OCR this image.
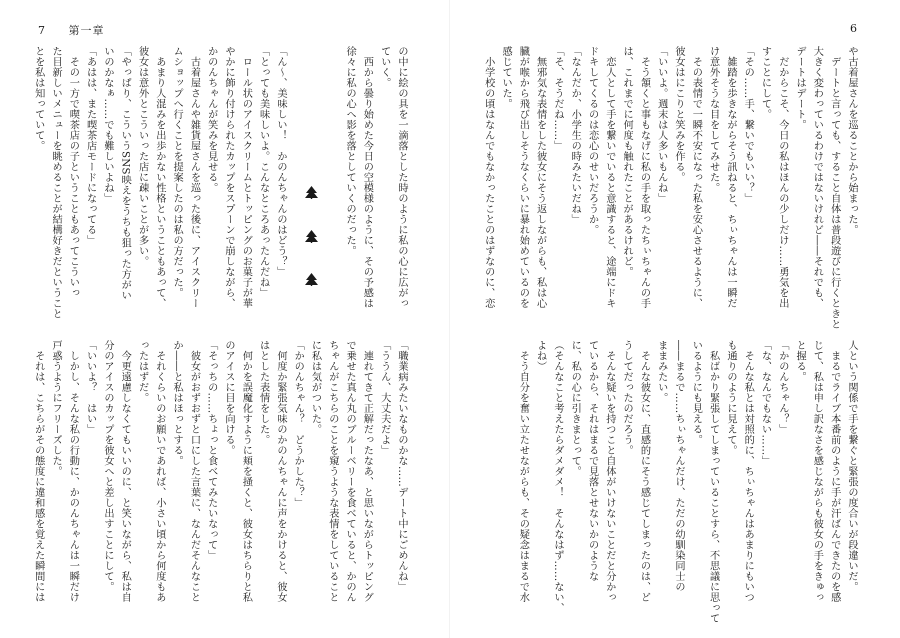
7 第一章	6
や古着屋さんを巡ることから始まった。
　デートと言っても、すること自体は普段遊びに行くときと
大きく変わっているわけではないけれど――それでも、
デートはデート。
　だからこそ、今日の私はほんの少しだけ……勇気を出
すことにして。
「その……手、繋いでもいい？」
　雑踏を歩きながらそう訊ねると、ちぃちゃんは一瞬だ
け意外そうな目をしてみせた。
　その表情で一瞬不安になった私を安心させるように、
彼女はにこりと笑みを作る。
「いいよ。週末は人多いもんね」
　そう頷くと事もなげに私の手を取ったちぃちゃんの手
は、これまでに何度も触れたことがあるけれど。
　恋人として手を繋いでいると意識すると、途端にドキ
ドキしてくるのは恋心のせいだろうか。
「なんだか、小学生の時みたいだね」
「そ、そうだね……」
　無邪気な表情をした彼女にそう返しながらも、私は心
臓が喉から飛び出しそうなくらいに暴れ始めているのを
感じていた。
　小学校の頃はなんでもなかったことのはずなのに、恋
人という関係で手を繋ぐと緊張の度合いが段違いだ。
　まるでライブ本番前のように手が汗ばんできたのを感
じて、私は申し訳なさを感じながらも彼女の手をきゅっ
と握る。
「かのんちゃん？」
「な、なんでもない……」
　そんな私とは対照的に、ちぃちゃんはあまりにもいつ
も通りのように見えて。
　私ばかり緊張してしまっていることすら、不思議に思って
いるようにも見える。
――まるで……ちぃちゃんだけ、ただの幼馴染同士の
ままみたい。
　そんな彼女に、直感的にそう感じてしまったのは、ど
うしてだったのだろう。
　そんな疑いを持つこと自体がいけないことだと分かっ
ているから、それはまるで見落とせないかのような
に、私の心に引きまとって。
（そんなこと考えたらダメダメ！　そんなはず……ない、
よね）
　そう自分を奮い立たせながらも、その疑念はまるで水
の中に絵の具を一滴落とした時のように私の心に広がっ
ていく。
　西から曇り始めた今日の空模様のように、その予感は
徐々に私の心へ影を落としていくのだった。

「ん〜、美味しい！　かのんちゃんのはどう？」
「とっても美味しいよ。こんなところあったんだね」
　ロール状のアイスクリームとトッピングのお菓子が華
やかに飾り付けられたカップをスプーンで崩しながら、
かのんちゃんが笑みを見せる。
　古着屋さんや雑貨屋さんを巡った後に、アイスクリー
ムショップへ行くことを提案したのは私の方だった。
　あまり人混みを出歩かない性格ということもあって、
彼女は意外とこういった店に疎いことが多い。
「やっぱり、こういうSNS映えをうちも狙った方がい
いのかなぁ……でも難しいよね」
「あはは、また喫茶店モードになってる」
　その一方で喫茶店の子ということもあってこういっ
た目新しいメニューを眺めることが結構好きだということ
とを私は知っていて。
「職業病みたいなものかな……デート中にごめんね」
「ううん、大丈夫だよ」
　連れてきて正解だったなあ、と思いながらトッピング
で乗せた真ん丸のブルーベリーを食べていると、かのん
ちゃんがこちらのことを窺うような表情をしていること
に私は気がついた。
「かのんちゃん？　どうかした？」
　何度か緊張気味のかのんちゃんに声をかけると、彼女
はとした表情をした。
　何かを誤魔化すように頬を掻くと、彼女はちらりと私
のアイスに目を向ける。
「そっちの……ちょっと食べてみたいなって」
　彼女がおずおずと口にした言葉に、なんだそんなこと
か――と私はほっとする。
　それくらいのお願いであれば、小さい頃から何度もあ
ったはずだ。
　今更遠慮しなくてもいいのに、と笑いながら、私は自
分のアイスのカップを彼女へと差し出すことにして。
「いいよ？　はい」
　しかし、そんな私の行動に、かのんちゃんは一瞬だけ
戸惑うようにフリーズした。
　それは、こちらがその態度に違和感を覚えた瞬間には
